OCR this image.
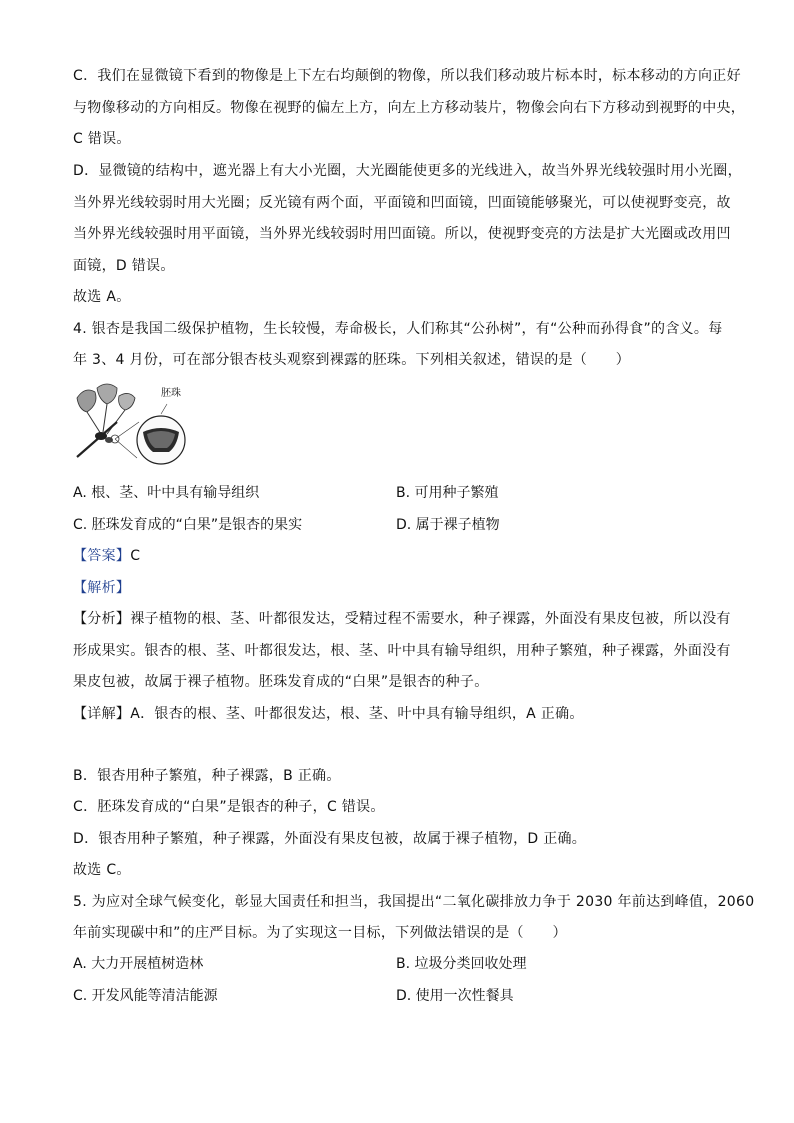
C．我们在显微镜下看到的物像是上下左右均颠倒的物像，所以我们移动玻片标本时，标本移动的方向正好
与物像移动的方向相反。物像在视野的偏左上方，向左上方移动装片，物像会向右下方移动到视野的中央，
C 错误。
D．显微镜的结构中，遮光器上有大小光圈，大光圈能使更多的光线进入，故当外界光线较强时用小光圈，
当外界光线较弱时用大光圈；反光镜有两个面，平面镜和凹面镜，凹面镜能够聚光，可以使视野变亮，故
当外界光线较强时用平面镜，当外界光线较弱时用凹面镜。所以，使视野变亮的方法是扩大光圈或改用凹
面镜，D 错误。
故选 A。
4. 银杏是我国二级保护植物，生长较慢，寿命极长，人们称其“公孙树”，有“公种而孙得食”的含义。每
年 3、4 月份，可在部分银杏枝头观察到裸露的胚珠。下列相关叙述，错误的是（　　）
胚珠
A. 根、茎、叶中具有输导组织	B. 可用种子繁殖
C. 胚珠发育成的“白果”是银杏的果实	D. 属于裸子植物
【答案】C
【解析】
【分析】裸子植物的根、茎、叶都很发达，受精过程不需要水，种子裸露，外面没有果皮包被，所以没有
形成果实。银杏的根、茎、叶都很发达，根、茎、叶中具有输导组织，用种子繁殖，种子裸露，外面没有
果皮包被，故属于裸子植物。胚珠发育成的“白果”是银杏的种子。
【详解】A．银杏的根、茎、叶都很发达，根、茎、叶中具有输导组织，A 正确。
B．银杏用种子繁殖，种子裸露，B 正确。
C．胚珠发育成的“白果”是银杏的种子，C 错误。
D．银杏用种子繁殖，种子裸露，外面没有果皮包被，故属于裸子植物，D 正确。
故选 C。
5. 为应对全球气候变化，彰显大国责任和担当，我国提出“二氧化碳排放力争于 2030 年前达到峰值，2060
年前实现碳中和”的庄严目标。为了实现这一目标，下列做法错误的是（　　）
A. 大力开展植树造林	B. 垃圾分类回收处理
C. 开发风能等清洁能源	D. 使用一次性餐具
